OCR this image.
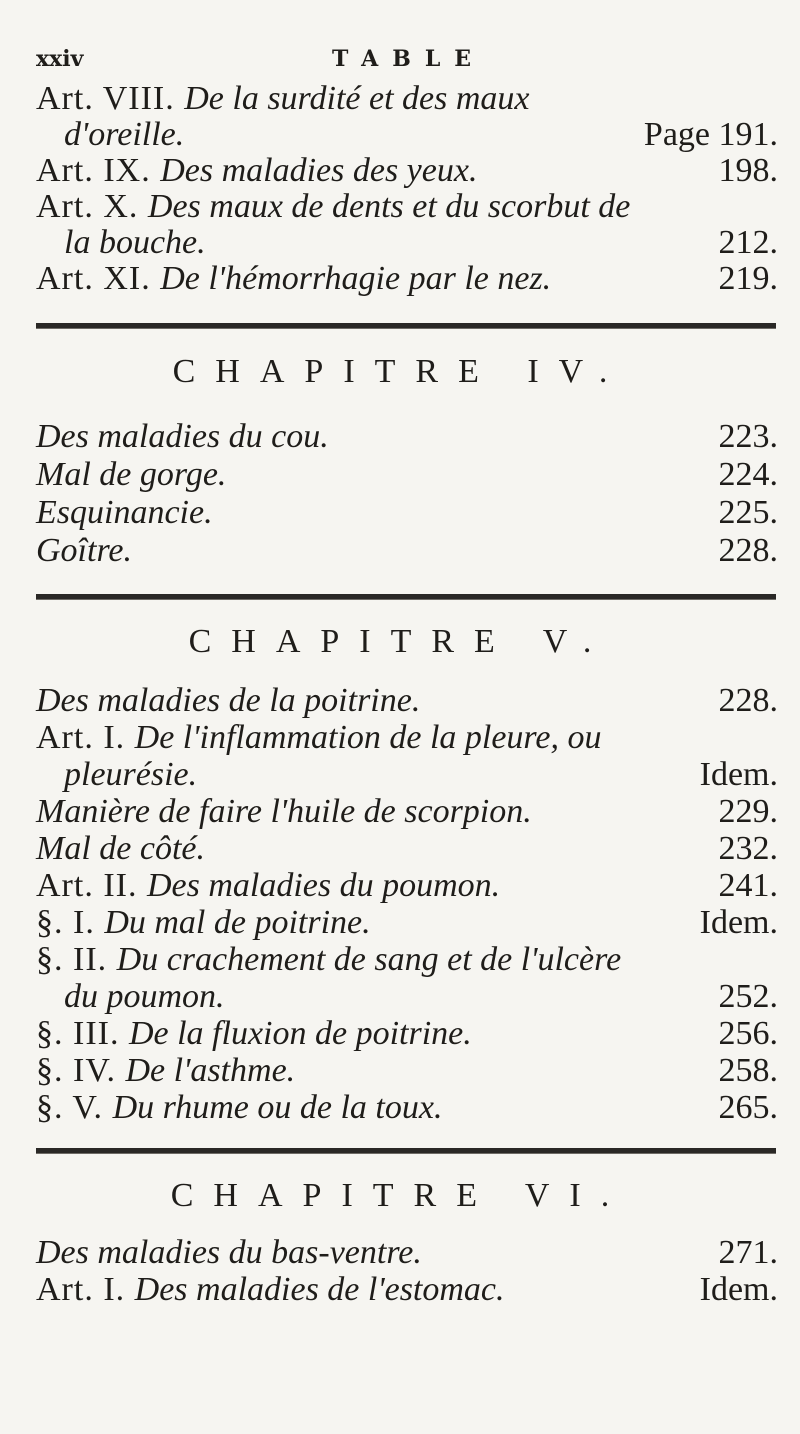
xxiv	TABLE
Art. VIII. De la surdité et des maux
d'oreille.	Page 191.
Art. IX. Des maladies des yeux.	198.
Art. X. Des maux de dents et du scorbut de
la bouche.	212.
Art. XI. De l'hémorrhagie par le nez.	219.
CHAPITRE IV.
Des maladies du cou.	223.
Mal de gorge.	224.
Esquinancie.	225.
Goître.	228.
CHAPITRE V.
Des maladies de la poitrine.	228.
Art. I. De l'inflammation de la pleure, ou
pleurésie.	Idem.
Manière de faire l'huile de scorpion.	229.
Mal de côté.	232.
Art. II. Des maladies du poumon.	241.
§. I. Du mal de poitrine.	Idem.
§. II. Du crachement de sang et de l'ulcère
du poumon.	252.
§. III. De la fluxion de poitrine.	256.
§. IV. De l'asthme.	258.
§. V. Du rhume ou de la toux.	265.
CHAPITRE VI.
Des maladies du bas-ventre.	271.
Art. I. Des maladies de l'estomac.	Idem.
